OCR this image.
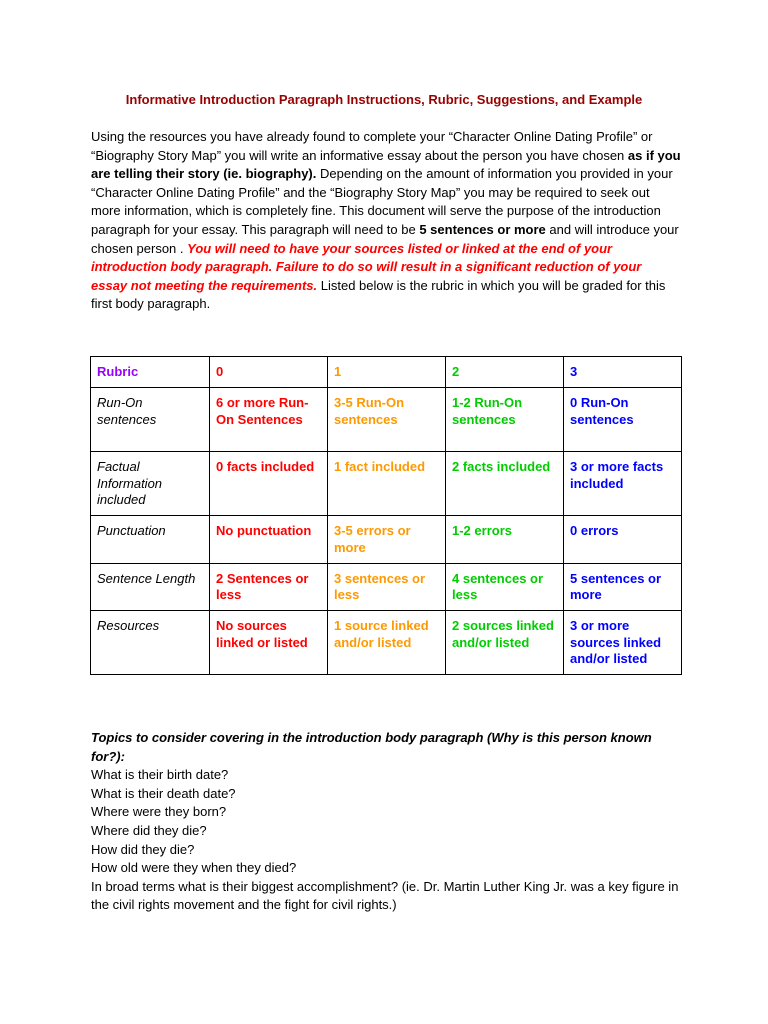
Informative Introduction Paragraph Instructions, Rubric, Suggestions, and Example
Using the resources you have already found to complete your “Character Online Dating Profile” or “Biography Story Map” you will write an informative essay about the person you have chosen as if you are telling their story (ie. biography). Depending on the amount of information you provided in your “Character Online Dating Profile” and the “Biography Story Map” you may be required to seek out more information, which is completely fine. This document will serve the purpose of the introduction paragraph for your essay. This paragraph will need to be 5 sentences or more and will introduce your chosen person . You will need to have your sources listed or linked at the end of your introduction body paragraph. Failure to do so will result in a significant reduction of your essay not meeting the requirements. Listed below is the rubric in which you will be graded for this first body paragraph.
Rubric	0	1	2	3
Run-On sentences	6 or more Run-On Sentences	3-5 Run-On sentences	1-2 Run-On sentences	0 Run-On sentences
Factual Information included	0 facts included	1 fact included	2 facts included	3 or more facts included
Punctuation	No punctuation	3-5 errors or more	1-2 errors	0 errors
Sentence Length	2 Sentences or less	3 sentences or less	4 sentences or less	5 sentences or more
Resources	No sources linked or listed	1 source linked and/or listed	2 sources linked and/or listed	3 or more sources linked and/or listed
Topics to consider covering in the introduction body paragraph (Why is this person known for?):
What is their birth date?
What is their death date?
Where were they born?
Where did they die?
How did they die?
How old were they when they died?
In broad terms what is their biggest accomplishment? (ie. Dr. Martin Luther King Jr. was a key figure in the civil rights movement and the fight for civil rights.)
